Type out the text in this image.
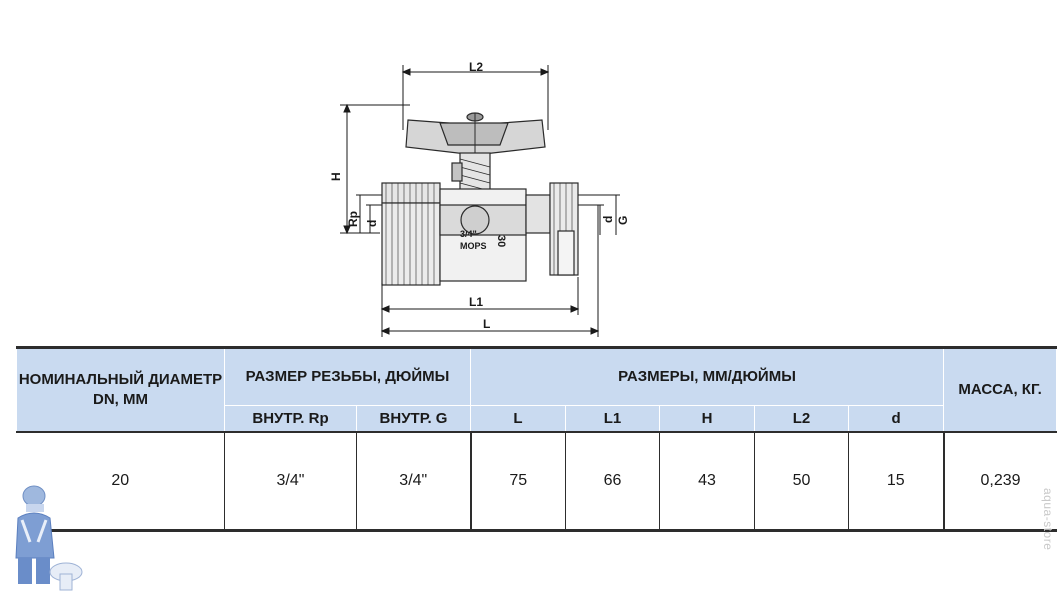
L2
H
Rp d
d G
3/4"
MOPS 30
L1
L
НОМИНАЛЬНЫЙ ДИАМЕТР DN, ММ	РАЗМЕР РЕЗЬБЫ, ДЮЙМЫ		РАЗМЕРЫ, ММ/ДЮЙМЫ					МАССА, КГ.
	ВНУТР. Rp	ВНУТР. G	L	L1	H	L2	d	
20	3/4"	3/4"	75	66	43	50	15	0,239
aqua-store
